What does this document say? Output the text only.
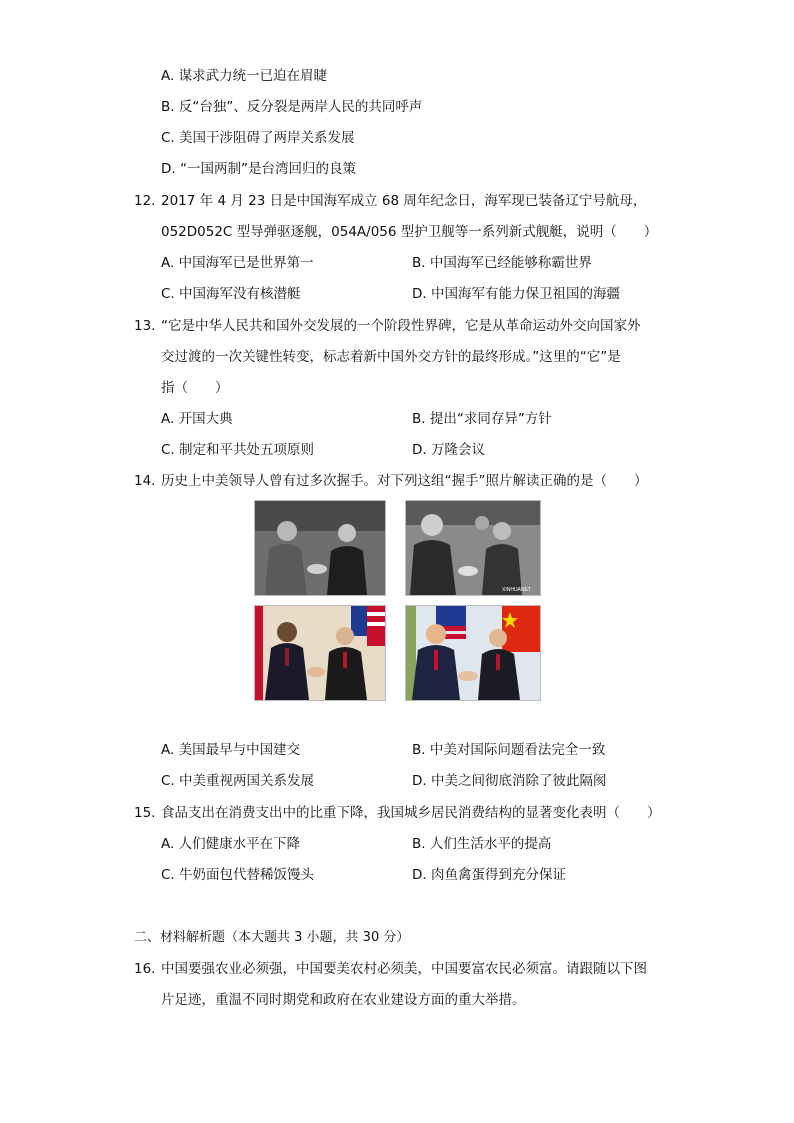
A. 谋求武力统一已迫在眉睫
B. 反“台独”、反分裂是两岸人民的共同呼声
C. 美国干涉阻碍了两岸关系发展
D. “一国两制”是台湾回归的良策
12. 2017 年 4 月 23 日是中国海军成立 68 周年纪念日，海军现已装备辽宁号航母，
052D052C 型导弹驱逐舰，054A/056 型护卫舰等一系列新式舰艇，说明（　　）
A. 中国海军已是世界第一	B. 中国海军已经能够称霸世界
C. 中国海军没有核潜艇	D. 中国海军有能力保卫祖国的海疆
13. “它是中华人民共和国外交发展的一个阶段性界碑，它是从革命运动外交向国家外
交过渡的一次关键性转变，标志着新中国外交方针的最终形成。”这里的“它”是
指（　　）
A. 开国大典	B. 提出“求同存异”方针
C. 制定和平共处五项原则	D. 万隆会议
14. 历史上中美领导人曾有过多次握手。对下列这组“握手”照片解读正确的是（　　）
XINHUANET
A. 美国最早与中国建交	B. 中美对国际问题看法完全一致
C. 中美重视两国关系发展	D. 中美之间彻底消除了彼此隔阂
15. 食品支出在消费支出中的比重下降，我国城乡居民消费结构的显著变化表明（　　）
A. 人们健康水平在下降	B. 人们生活水平的提高
C. 牛奶面包代替稀饭馒头	D. 肉鱼禽蛋得到充分保证
二、材料解析题（本大题共 3 小题，共 30 分）
16. 中国要强农业必须强，中国要美农村必须美，中国要富农民必须富。请跟随以下图
片足迹，重温不同时期党和政府在农业建设方面的重大举措。
